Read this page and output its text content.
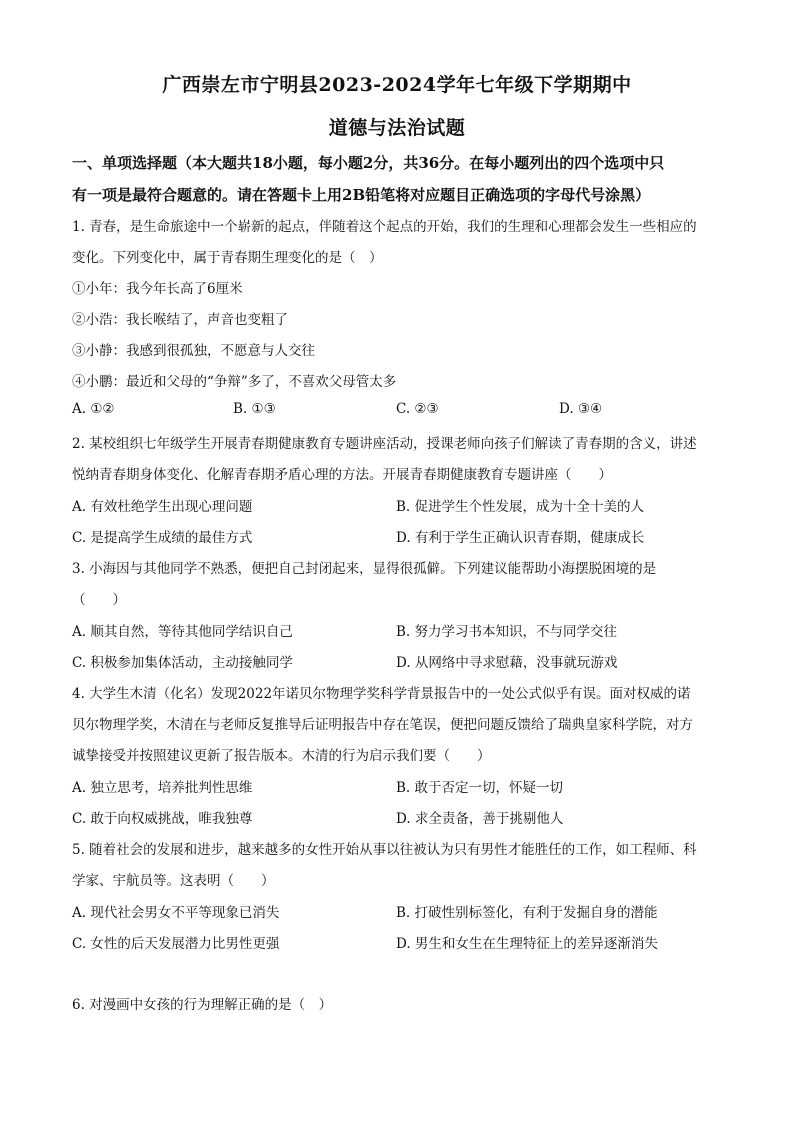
广西崇左市宁明县2023-2024学年七年级下学期期中
道德与法治试题
一、单项选择题（本大题共18小题，每小题2分，共36分。在每小题列出的四个选项中只
有一项是最符合题意的。请在答题卡上用2B铅笔将对应题目正确选项的字母代号涂黑）
1. 青春，是生命旅途中一个崭新的起点，伴随着这个起点的开始，我们的生理和心理都会发生一些相应的
变化。下列变化中，属于青春期生理变化的是（　）
①小年：我今年长高了6厘米
②小浩：我长喉结了，声音也变粗了
③小静：我感到很孤独，不愿意与人交往
④小鹏：最近和父母的“争辩”多了，不喜欢父母管太多
A. ①②	B. ①③	C. ②③	D. ③④
2. 某校组织七年级学生开展青春期健康教育专题讲座活动，授课老师向孩子们解读了青春期的含义，讲述
悦纳青春期身体变化、化解青春期矛盾心理的方法。开展青春期健康教育专题讲座（　　）
A. 有效杜绝学生出现心理问题	B. 促进学生个性发展，成为十全十美的人
C. 是提高学生成绩的最佳方式	D. 有利于学生正确认识青春期，健康成长
3. 小海因与其他同学不熟悉，便把自己封闭起来，显得很孤僻。下列建议能帮助小海摆脱困境的是
（　　）
A. 顺其自然，等待其他同学结识自己	B. 努力学习书本知识，不与同学交往
C. 积极参加集体活动，主动接触同学	D. 从网络中寻求慰藉，没事就玩游戏
4. 大学生木清（化名）发现2022年诺贝尔物理学奖科学背景报告中的一处公式似乎有误。面对权威的诺
贝尔物理学奖，木清在与老师反复推导后证明报告中存在笔误，便把问题反馈给了瑞典皇家科学院，对方
诚挚接受并按照建议更新了报告版本。木清的行为启示我们要（　　）
A. 独立思考，培养批判性思维	B. 敢于否定一切，怀疑一切
C. 敢于向权威挑战，唯我独尊	D. 求全责备，善于挑剔他人
5. 随着社会的发展和进步，越来越多的女性开始从事以往被认为只有男性才能胜任的工作，如工程师、科
学家、宇航员等。这表明（　　）
A. 现代社会男女不平等现象已消失	B. 打破性别标签化，有利于发掘自身的潜能
C. 女性的后天发展潜力比男性更强	D. 男生和女生在生理特征上的差异逐渐消失
6. 对漫画中女孩的行为理解正确的是（　）
